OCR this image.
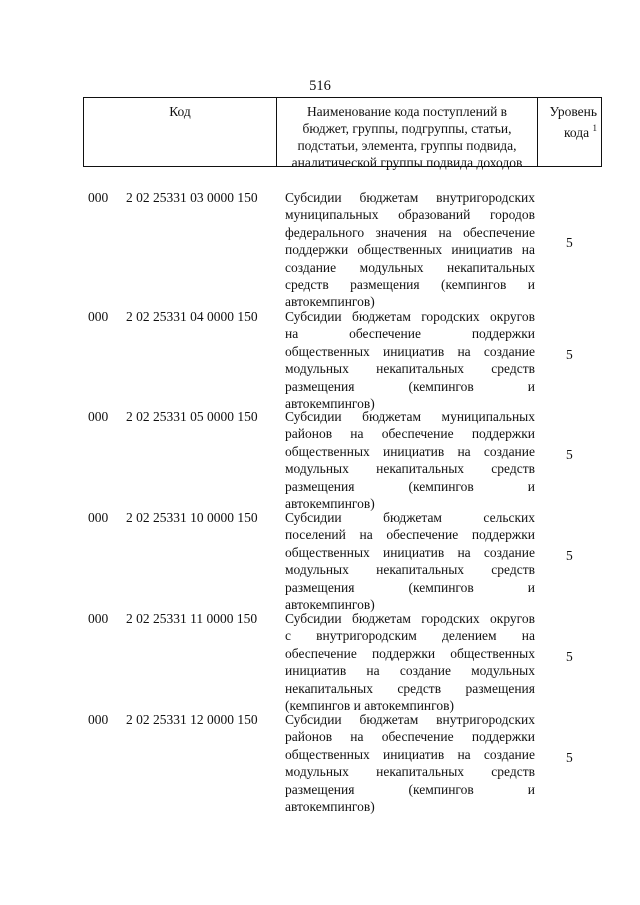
516
Код	Наименование кода поступлений в
бюджет, группы, подгруппы, статьи,
подстатьи, элемента, группы подвида,
аналитической группы подвида доходов
Уровень
кода $^1$
000 2 02 25331 03 0000 150 Субсидии бюджетам внутригородских
муниципальных образований городов
федерального значения на обеспечение
поддержки общественных инициатив на
создание модульных некапитальных
средств размещения (кемпингов и
автокемпингов)
5
000 2 02 25331 04 0000 150 Субсидии бюджетам городских округов
на обеспечение поддержки
общественных инициатив на создание
модульных некапитальных средств
размещения (кемпингов и
автокемпингов)
5
000 2 02 25331 05 0000 150 Субсидии бюджетам муниципальных
районов на обеспечение поддержки
общественных инициатив на создание
модульных некапитальных средств
размещения (кемпингов и
автокемпингов)
5
000 2 02 25331 10 0000 150 Субсидии бюджетам сельских
поселений на обеспечение поддержки
общественных инициатив на создание
модульных некапитальных средств
размещения (кемпингов и
автокемпингов)
5
000 2 02 25331 11 0000 150 Субсидии бюджетам городских округов
с внутригородским делением на
обеспечение поддержки общественных
инициатив на создание модульных
некапитальных средств размещения
(кемпингов и автокемпингов)
5
000 2 02 25331 12 0000 150 Субсидии бюджетам внутригородских
районов на обеспечение поддержки
общественных инициатив на создание
модульных некапитальных средств
размещения (кемпингов и
автокемпингов)
5
